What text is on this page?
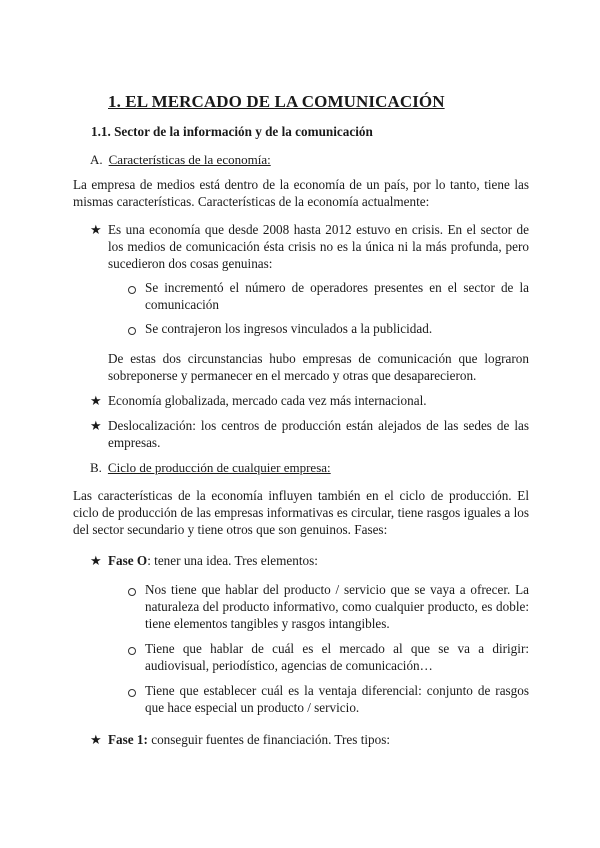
1. EL MERCADO DE LA COMUNICACIÓN
1.1. Sector de la información y de la comunicación
A. Características de la economía:
La empresa de medios está dentro de la economía de un país, por lo tanto, tiene las mismas características. Características de la economía actualmente:
★ Es una economía que desde 2008 hasta 2012 estuvo en crisis. En el sector de los medios de comunicación ésta crisis no es la única ni la más profunda, pero sucedieron dos cosas genuinas:
Se incrementó el número de operadores presentes en el sector de la comunicación
Se contrajeron los ingresos vinculados a la publicidad.
De estas dos circunstancias hubo empresas de comunicación que lograron sobreponerse y permanecer en el mercado y otras que desaparecieron.
★ Economía globalizada, mercado cada vez más internacional.
★ Deslocalización: los centros de producción están alejados de las sedes de las empresas.
B. Ciclo de producción de cualquier empresa:
Las características de la economía influyen también en el ciclo de producción. El ciclo de producción de las empresas informativas es circular, tiene rasgos iguales a los del sector secundario y tiene otros que son genuinos. Fases:
★ Fase O: tener una idea. Tres elementos:
Nos tiene que hablar del producto / servicio que se vaya a ofrecer. La naturaleza del producto informativo, como cualquier producto, es doble: tiene elementos tangibles y rasgos intangibles.
Tiene que hablar de cuál es el mercado al que se va a dirigir: audiovisual, periodístico, agencias de comunicación…
Tiene que establecer cuál es la ventaja diferencial: conjunto de rasgos que hace especial un producto / servicio.
★ Fase 1: conseguir fuentes de financiación. Tres tipos:
